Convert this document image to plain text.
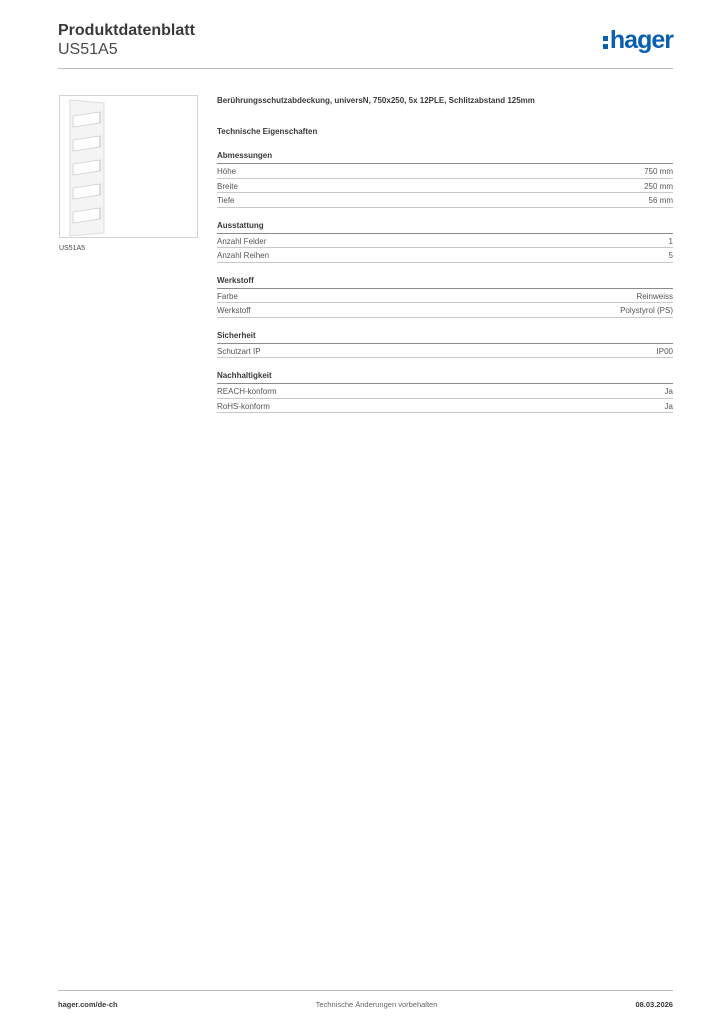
Produktdatenblatt
US51A5	hager
US51A5
Berührungsschutzabdeckung, universN, 750x250, 5x 12PLE, Schlitzabstand 125mm
Technische Eigenschaften
Abmessungen
Höhe	750 mm
Breite	250 mm
Tiefe	56 mm
Ausstattung
Anzahl Felder	1
Anzahl Reihen	5
Werkstoff
Farbe	Reinweiss
Werkstoff	Polystyrol (PS)
Sicherheit
Schutzart IP	IP00
Nachhaltigkeit
REACH-konform	Ja
RoHS-konform	Ja
hager.com/de-ch	Technische Änderungen vorbehalten	08.03.2026
